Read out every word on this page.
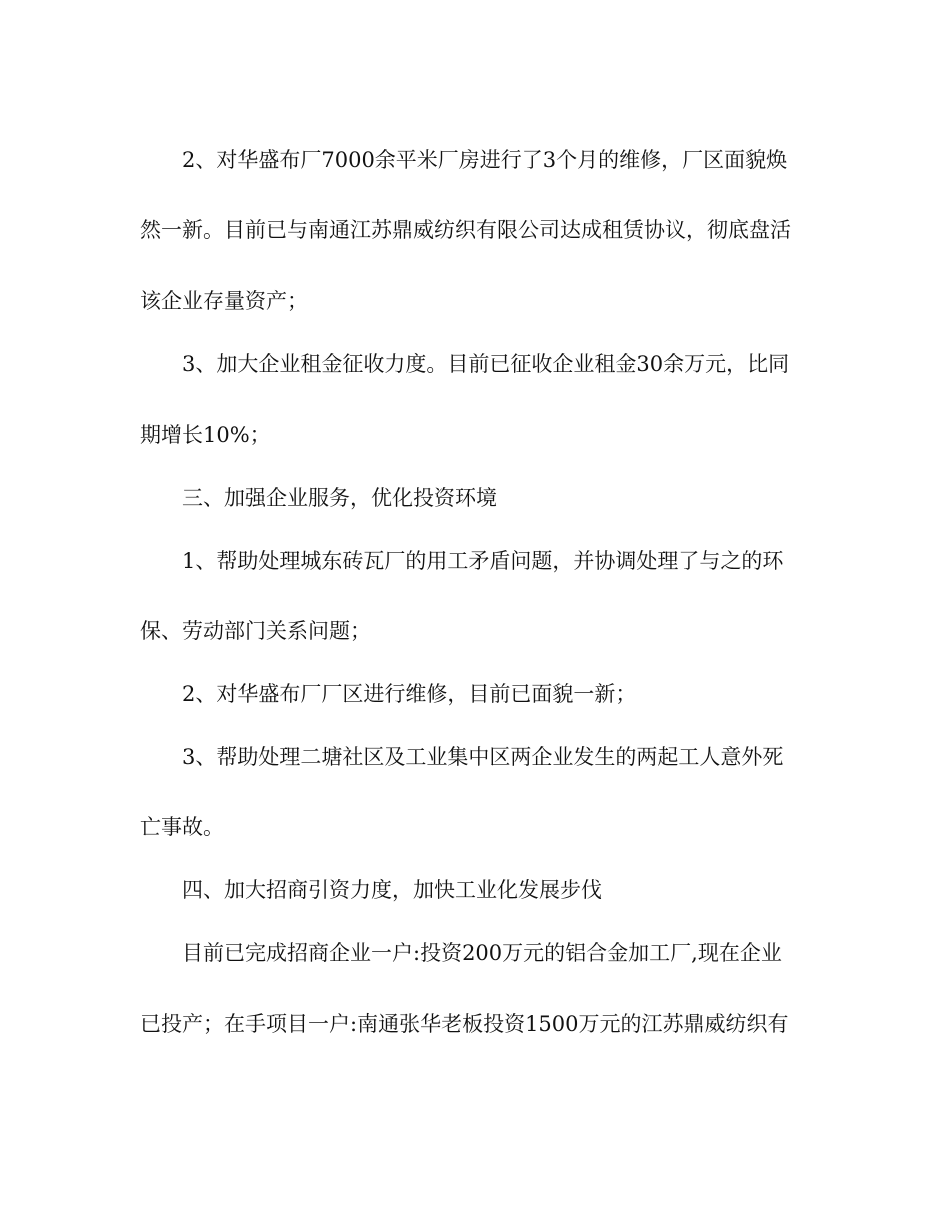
2、对华盛布厂7000余平米厂房进行了3个月的维修，厂区面貌焕

然一新。目前已与南通江苏鼎威纺织有限公司达成租赁协议，彻底盘活

该企业存量资产；

3、加大企业租金征收力度。目前已征收企业租金30余万元，比同

期增长10%；

三、加强企业服务，优化投资环境

1、帮助处理城东砖瓦厂的用工矛盾问题，并协调处理了与之的环

保、劳动部门关系问题；

2、对华盛布厂厂区进行维修，目前已面貌一新；

3、帮助处理二塘社区及工业集中区两企业发生的两起工人意外死

亡事故。

四、加大招商引资力度，加快工业化发展步伐

目前已完成招商企业一户:投资200万元的铝合金加工厂,现在企业

已投产；在手项目一户:南通张华老板投资1500万元的江苏鼎威纺织有
